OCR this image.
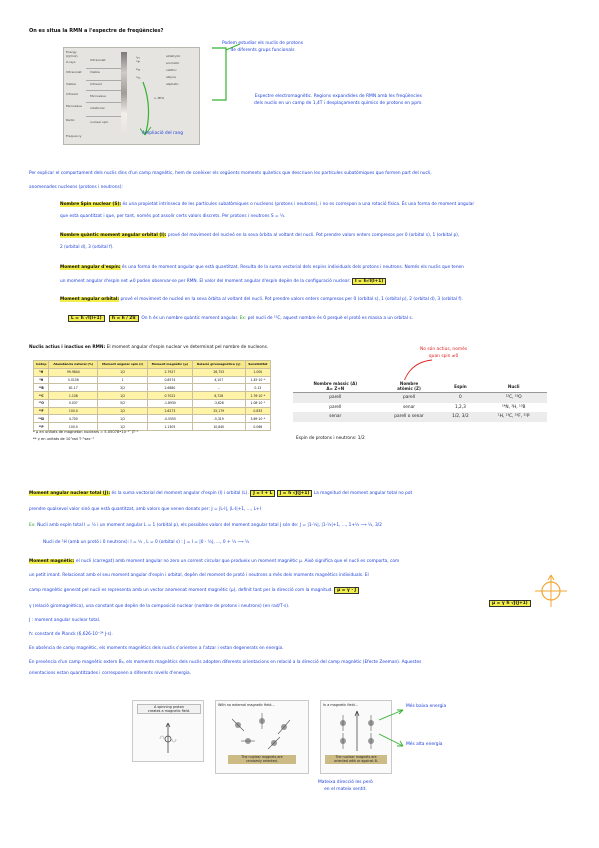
On es situa la RMN a l'espectre de freqüències?
Energy
(kJ/mol)
X-rays
Ultraviolet
Visible
Infrared
Microwave
Radio
Frequency
Ultraviolet
Visible
Infrared
Microwave
rotational
nuclear spin
¹H
¹⁹F

³¹P

¹³C
aldehydic
aromatic
olefinic
alkyne
aliphatic
v, MHz
Podem estudiar els nuclis de protons
de diferents grups funcionals
Ampliació del rang
Espectre electromagnètic. Regions expandides de RMN amb les freqüències
dels nuclis en un camp de 1,4T i desplaçaments químics de protons en ppm.
Per explicar el comportament dels nuclis dins d'un camp magnètic, hem de conèixer els següents moments quàntics que descriuen les partícules subatòmiques que formen part del nucli,
anomenades nucleons (protons i neutrons):
Nombre Spin nuclear (S): és una propietat intrínseca de les partícules subatòmiques o nucleons (protons i neutrons), i no es correspon a una rotació física. És una forma de moment angular
que està quantitzat i que, per tant, només pot assolir certs valors discrets. Per protons i neutrons S = ½.
Nombre quàntic moment angular orbital (l): prové del moviment del nucleó en la seva òrbita al voltant del nucli. Pot prendre valors enters compresos per 0 (orbital s), 1 (orbital p),
2 (orbital d), 3 (orbital f).
Moment angular d'espín: és una forma de moment angular que està quantitzat. Resulta de la suma vectorial dels espins individuals dels protons i neutrons. Només els nuclis que tenen
un moment angular d'espín net ≠0 poden observar-se per RMN. El valor del moment angular d'espín depèn de la configuració nuclear: I = ħ√I(I+1)
Moment angular orbital: prové el moviment de nucleó en la seva òrbita al voltant del nucli. Pot prendre valors enters compresos per 0 (orbital s), 1 (orbital p), 2 (orbital d), 3 (orbital f).
L = ħ √l(l+1) ħ = h / 2π On h és un nombre quàntic moment angular. Ex: pel nucli de ¹²C, aquest nombre és 0 perquè el protó es massa a un orbital s.
Nuclis actius i inactius en RMN: El moment angular d'espín nuclear ve determinat pel nombre de nucleons.	No són actius, només
quan spin ≠0
Isòtop	Abundància natural (%)	Moment angular spin (I)	Moment magnètic (μ)	Relació giromagnètica (γ)	Sensibilitat
¹H	99.9844	1/2	2.7927	26,753	1.000
²H	0.0156	1	0.8574	4,107	1.45·10⁻⁶
¹⁰B	81.17	3/2	2.6880	–	0.13
¹³C	1.108	1/2	0.7022	6,728	1.76·10⁻⁴
¹⁷O	0.037	5/2	-1.8930	-3,628	1.08·10⁻⁵
¹⁹F	100.0	1/2	2.6273	25,179	0.833
²⁹Si	4.700	1/2	-0.5555	-5,319	3.69·10⁻⁴
³¹P	100.0	1/2	1.1305	10,840	0.066
* μ en unitats de magneton nuclears = 5.05078•10⁻²⁷ JT⁻¹
** γ en unitats de 10⁷rad T⁻¹sec⁻¹
Nombre màssic (A)
A= Z+N	Nombre
atòmic (Z)	Espín	Nucli
parell	parell	0	¹²C, ¹⁶O
parell	senar	1,2,3	¹⁴N, ²H, ¹⁰B
senar	parell o senar	1/2, 3/2	¹H, ¹³C, ¹⁹F, ³¹P
Espín de protons i neutrons: 1/2
Moment angular nuclear total (J): és la suma vectorial del moment angular d'espín (I) i orbital (L). J = I + L J = ħ √J(J+1) La magnitud del moment angular total no pot
prendre qualsevol valor sinó que està quantitzat, amb valors que venen donats per: J = |L-I|, |L-I|+1, ..., L+I
Ex: Nucli amb espín total I = ½ i un moment angular L = 1 (orbital p), els possibles valors del moment angular total J són de: J = |1-½|, |1-½|+1, ..., 1+½ ⟶ ½, 3/2
Nucli de ¹H (amb un protó i 0 neutrons): I = ½ , L = 0 (orbital s) : J = I = |0 - ½|, ..., 0 + ½ ⟶ ½
Moment magnètic: el nucli (carregat) amb moment angular no zero un corrent circular que produeix un moment magnètic μ. Això significa que el nucli es comporta, com
un petit imant. Relacionat amb el seu moment angular d'espín i orbital, depèn del moment de protó i neutrons a més dels moments magnètics individuals. El
camp magnètic generat pel nucli es representa amb un vector anomenat moment magnètic (μ), definit tant per la direcció com la magnitud. μ = γ · J
μ = γ ħ √J(J+1)
γ (relació giromagnètica), una constant que depèn de la composició nuclear (nombre de protons i neutrons) (en rad/T·s).
J : moment angular nuclear total.
ħ: constant de Planck (6,626·10⁻³⁴ J·s).
En absència de camp magnètic, els moments magnètics dels nuclis s'orienten a l'atzar i estan degenerats en energia.
En presència d'un camp magnètic extern B₀, els moments magnètics dels nuclis adopten diferents orientacions en relació a la direcció del camp magnètic (Efecte Zeeman). Aquestes
orientacions estan quantitzades i corresponen a diferents nivells d'energia.
A spinning proton
creates a magnetic field.
With no external magnetic field...
The nuclear magnets are
randomly oriented.
In a magnetic field...
The nuclear magnets are
oriented with or against B.
Més baixa energia
Més alta energia
Mateixa direcció les però
en el mateix sentit.
